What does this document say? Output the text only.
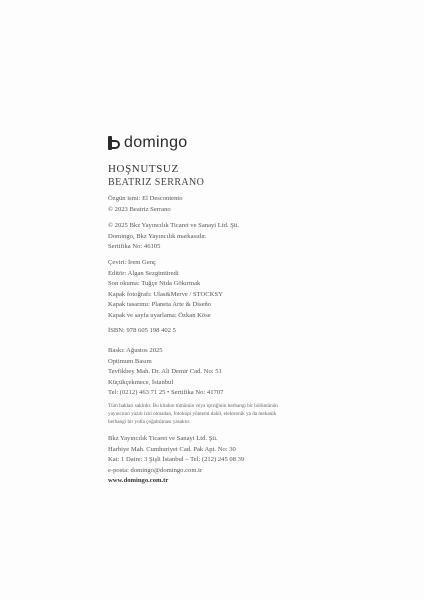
domingo
HOŞNUTSUZ
BEATRIZ SERRANO
Özgün ismi: El Descontento
© 2023 Beatriz Serrano
© 2025 Bkz Yayıncılık Ticaret ve Sanayi Ltd. Şti.
Domingo, Bkz Yayıncılık markasıdır.
Sertifika No: 46105
Çeviri: İrem Genç
Editör: Algan Sezgintüredi
Son okuma: Tuğçe Nida Gökırmak
Kapak fotoğrafı: Ulas&Merve / STOCKSY
Kapak tasarımı: Planeta Arte & Diseño
Kapak ve sayfa uyarlama: Özkan Köse
İSBN: 978 605 198 402 5
Baskı: Ağustos 2025
Optimum Basım
Tevfikbey Mah. Dr. Ali Demir Cad. No: 51
Küçükçekmece, İstanbul
Tel: (0212) 463 71 25 • Sertifika No: 41707
Tüm hakları saklıdır. Bu kitabın tümünün veya içeriğinin herhangi bir bölümünün
yayıncının yazılı izni olmadan, fotokopi yöntemi dahil, elektronik ya da mekanik
herhangi bir yolla çoğaltılması yasaktır.
Bkz Yayıncılık Ticaret ve Sanayi Ltd. Şti.
Harbiye Mah. Cumhuriyet Cad. Pak Apt. No: 30
Kat: 1 Daire: 3 Şişli İstanbul – Tel: (212) 245 08 39
e-posta: domingo@domingo.com.tr
www.domingo.com.tr
